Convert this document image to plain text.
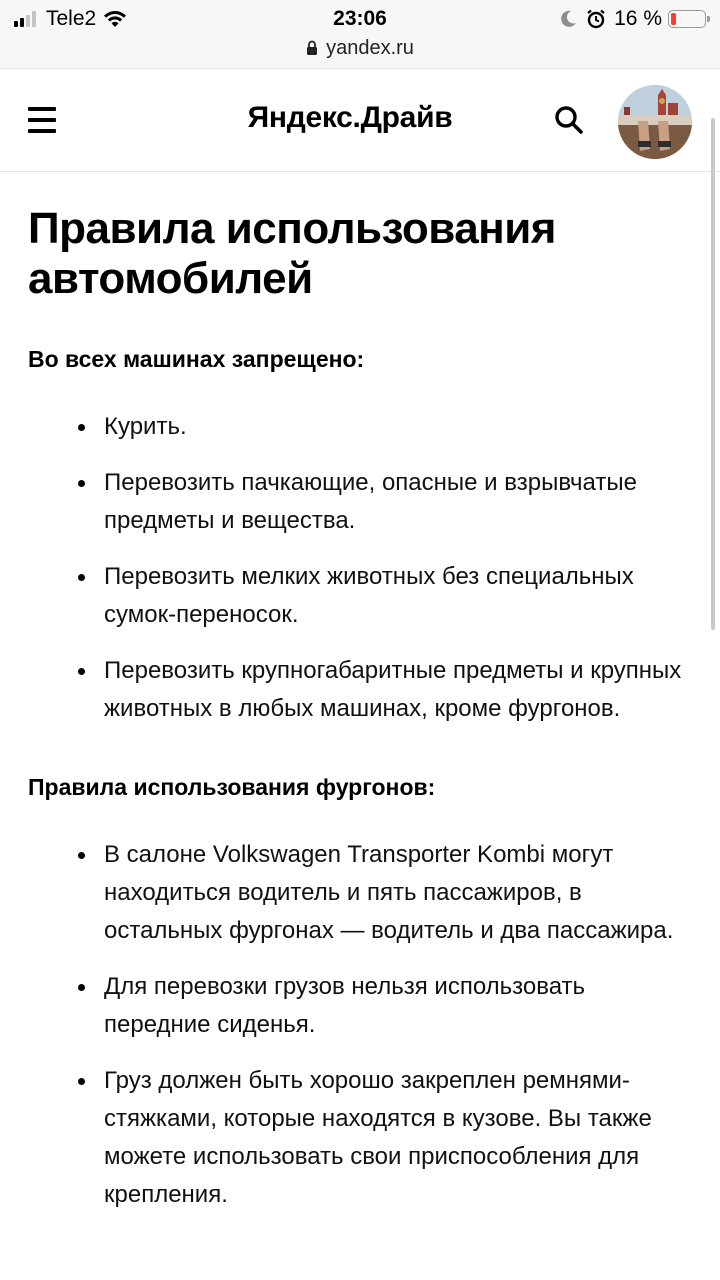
Tele2	23:06	16 %
yandex.ru
Яндекс.Драйв
Правила использования автомобилей
Во всех машинах запрещено:
Курить.
Перевозить пачкающие, опасные и взрывчатые предметы и вещества.
Перевозить мелких животных без специальных сумок-переносок.
Перевозить крупногабаритные предметы и крупных животных в любых машинах, кроме фургонов.
Правила использования фургонов:
В салоне Volkswagen Transporter Kombi могут находиться водитель и пять пассажиров, в остальных фургонах — водитель и два пассажира.
Для перевозки грузов нельзя использовать передние сиденья.
Груз должен быть хорошо закреплен ремнями-стяжками, которые находятся в кузове. Вы также можете использовать свои приспособления для крепления.
